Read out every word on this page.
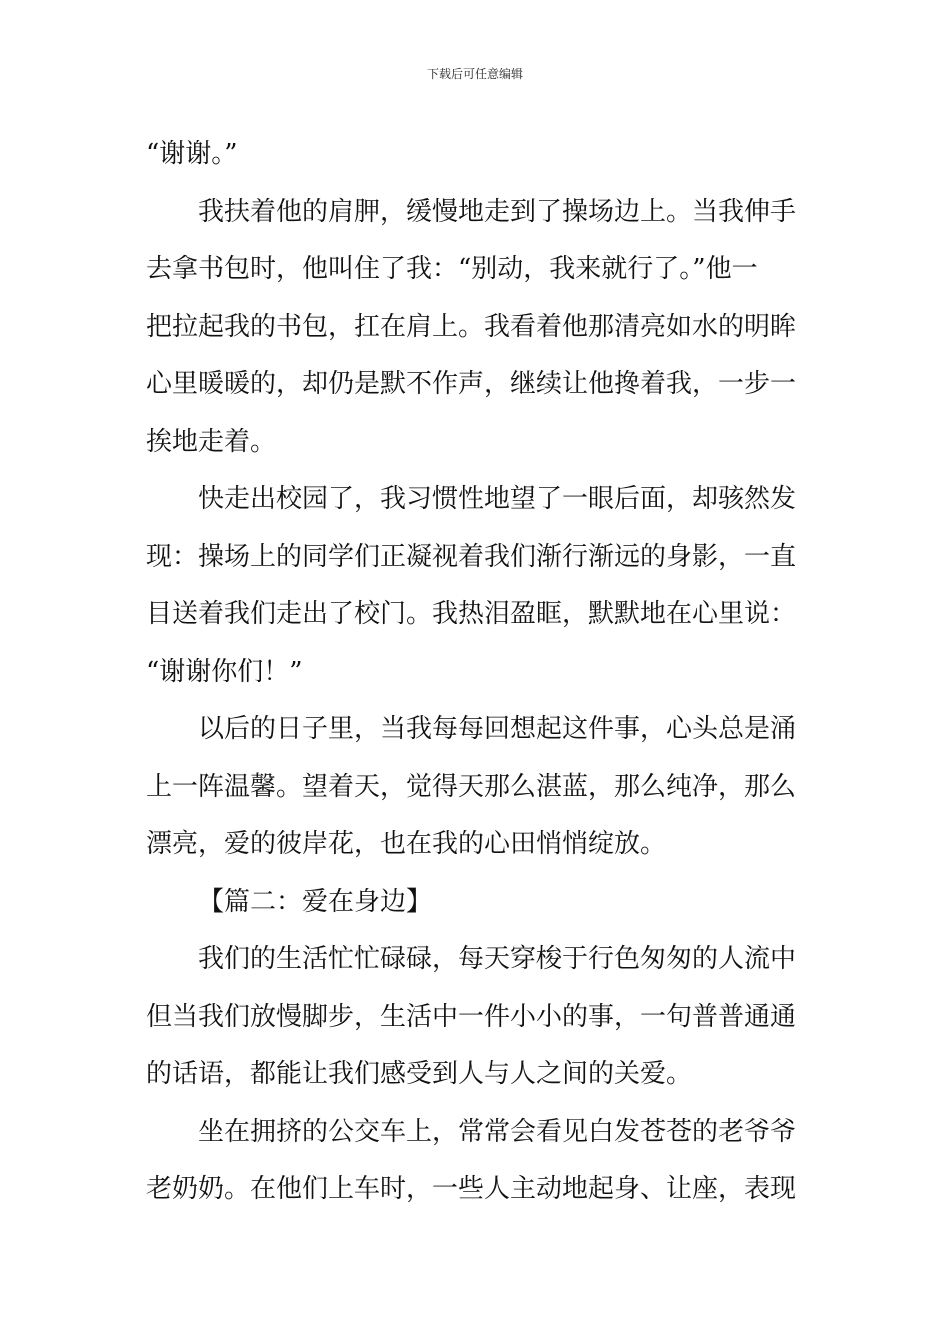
下载后可任意编辑
“谢谢。”
我扶着他的肩胛，缓慢地走到了操场边上。当我伸手
去拿书包时，他叫住了我：“别动，我来就行了。”他一
把拉起我的书包，扛在肩上。我看着他那清亮如水的明眸
心里暖暖的，却仍是默不作声，继续让他搀着我，一步一
挨地走着。
快走出校园了，我习惯性地望了一眼后面，却骇然发
现：操场上的同学们正凝视着我们渐行渐远的身影，一直
目送着我们走出了校门。我热泪盈眶，默默地在心里说：
“谢谢你们！”
以后的日子里，当我每每回想起这件事，心头总是涌
上一阵温馨。望着天，觉得天那么湛蓝，那么纯净，那么
漂亮，爱的彼岸花，也在我的心田悄悄绽放。
【篇二：爱在身边】
我们的生活忙忙碌碌，每天穿梭于行色匆匆的人流中
但当我们放慢脚步，生活中一件小小的事，一句普普通通
的话语，都能让我们感受到人与人之间的关爱。
坐在拥挤的公交车上，常常会看见白发苍苍的老爷爷
老奶奶。在他们上车时，一些人主动地起身、让座，表现
